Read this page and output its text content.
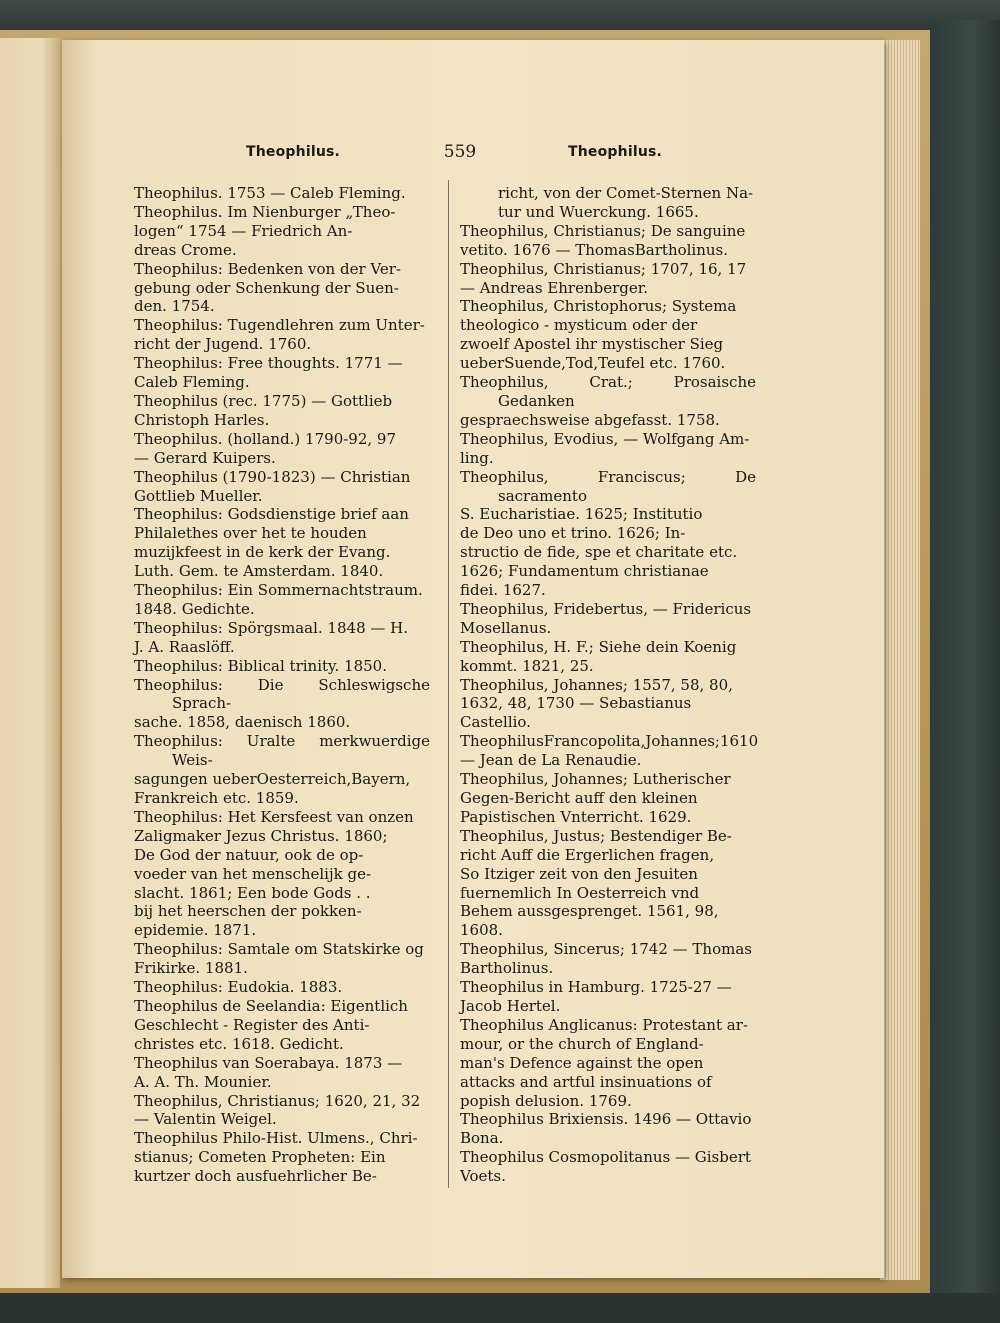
Theophilus.	559	Theophilus.
Theophilus. 1753 — Caleb Fleming.
Theophilus. Im Nienburger „Theo-
logen“ 1754 — Friedrich An-
dreas Crome.
Theophilus: Bedenken von der Ver-
gebung oder Schenkung der Suen-
den. 1754.
Theophilus: Tugendlehren zum Unter-
richt der Jugend. 1760.
Theophilus: Free thoughts. 1771 —
Caleb Fleming.
Theophilus (rec. 1775) — Gottlieb
Christoph Harles.
Theophilus. (holland.) 1790-92, 97
— Gerard Kuipers.
Theophilus (1790-1823) — Christian
Gottlieb Mueller.
Theophilus: Godsdienstige brief aan
Philalethes over het te houden
muzijkfeest in de kerk der Evang.
Luth. Gem. te Amsterdam. 1840.
Theophilus: Ein Sommernachtstraum.
1848. Gedichte.
Theophilus: Spörgsmaal. 1848 — H.
J. A. Raaslöff.
Theophilus: Biblical trinity. 1850.
Theophilus: Die Schleswigsche Sprach-
sache. 1858, daenisch 1860.
Theophilus: Uralte merkwuerdige Weis-
sagungen ueberOesterreich,Bayern,
Frankreich etc. 1859.
Theophilus: Het Kersfeest van onzen
Zaligmaker Jezus Christus. 1860;
De God der natuur, ook de op-
voeder van het menschelijk ge-
slacht. 1861; Een bode Gods . .
bij het heerschen der pokken-
epidemie. 1871.
Theophilus: Samtale om Statskirke og
Frikirke. 1881.
Theophilus: Eudokia. 1883.
Theophilus de Seelandia: Eigentlich
Geschlecht - Register des Anti-
christes etc. 1618. Gedicht.
Theophilus van Soerabaya. 1873 —
A. A. Th. Mounier.
Theophilus, Christianus; 1620, 21, 32
— Valentin Weigel.
Theophilus Philo-Hist. Ulmens., Chri-
stianus; Cometen Propheten: Ein
kurtzer doch ausfuehrlicher Be-
richt, von der Comet-Sternen Na-
tur und Wuerckung. 1665.
Theophilus, Christianus; De sanguine
vetito. 1676 — ThomasBartholinus.
Theophilus, Christianus; 1707, 16, 17
— Andreas Ehrenberger.
Theophilus, Christophorus; Systema
theologico - mysticum oder der
zwoelf Apostel ihr mystischer Sieg
ueberSuende,Tod,Teufel etc. 1760.
Theophilus, Crat.; Prosaische Gedanken
gespraechsweise abgefasst. 1758.
Theophilus, Evodius, — Wolfgang Am-
ling.
Theophilus, Franciscus; De sacramento
S. Eucharistiae. 1625; Institutio
de Deo uno et trino. 1626; In-
structio de fide, spe et charitate etc.
1626; Fundamentum christianae
fidei. 1627.
Theophilus, Fridebertus, — Fridericus
Mosellanus.
Theophilus, H. F.; Siehe dein Koenig
kommt. 1821, 25.
Theophilus, Johannes; 1557, 58, 80,
1632, 48, 1730 — Sebastianus
Castellio.
TheophilusFrancopolita,Johannes;1610
— Jean de La Renaudie.
Theophilus, Johannes; Lutherischer
Gegen-Bericht auff den kleinen
Papistischen Vnterricht. 1629.
Theophilus, Justus; Bestendiger Be-
richt Auff die Ergerlichen fragen,
So Itziger zeit von den Jesuiten
fuernemlich In Oesterreich vnd
Behem aussgesprenget. 1561, 98,
1608.
Theophilus, Sincerus; 1742 — Thomas
Bartholinus.
Theophilus in Hamburg. 1725-27 —
Jacob Hertel.
Theophilus Anglicanus: Protestant ar-
mour, or the church of England-
man's Defence against the open
attacks and artful insinuations of
popish delusion. 1769.
Theophilus Brixiensis. 1496 — Ottavio
Bona.
Theophilus Cosmopolitanus — Gisbert
Voets.
